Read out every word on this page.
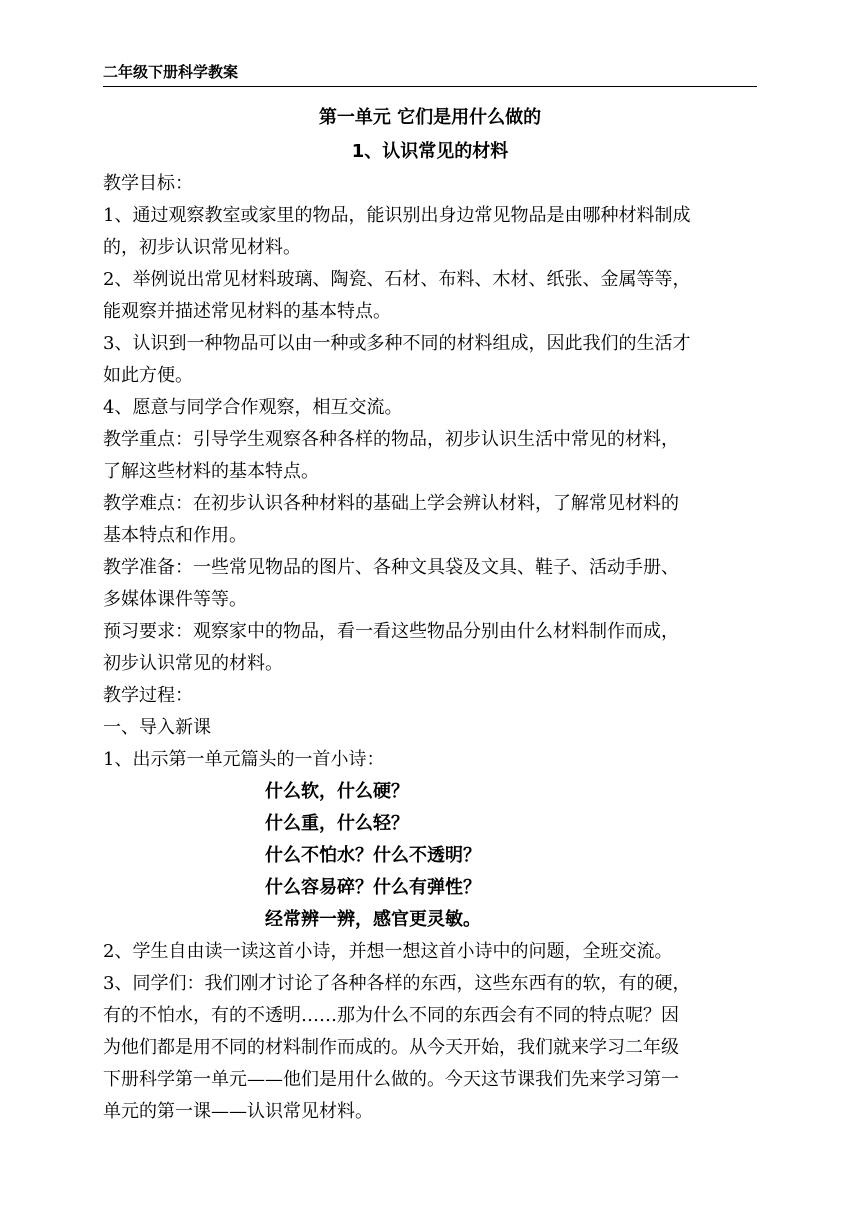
二年级下册科学教案
第一单元 它们是用什么做的
1、认识常见的材料
教学目标：
1、通过观察教室或家里的物品，能识别出身边常见物品是由哪种材料制成
的，初步认识常见材料。
2、举例说出常见材料玻璃、陶瓷、石材、布料、木材、纸张、金属等等，
能观察并描述常见材料的基本特点。
3、认识到一种物品可以由一种或多种不同的材料组成，因此我们的生活才
如此方便。
4、愿意与同学合作观察，相互交流。
教学重点：引导学生观察各种各样的物品，初步认识生活中常见的材料，
了解这些材料的基本特点。
教学难点：在初步认识各种材料的基础上学会辨认材料，了解常见材料的
基本特点和作用。
教学准备：一些常见物品的图片、各种文具袋及文具、鞋子、活动手册、
多媒体课件等等。
预习要求：观察家中的物品，看一看这些物品分别由什么材料制作而成，
初步认识常见的材料。
教学过程：
一、导入新课
1、出示第一单元篇头的一首小诗：
什么软，什么硬？
什么重，什么轻？
什么不怕水？什么不透明？
什么容易碎？什么有弹性？
经常辨一辨，感官更灵敏。
2、学生自由读一读这首小诗，并想一想这首小诗中的问题，全班交流。
3、同学们：我们刚才讨论了各种各样的东西，这些东西有的软，有的硬，
有的不怕水，有的不透明……那为什么不同的东西会有不同的特点呢？因
为他们都是用不同的材料制作而成的。从今天开始，我们就来学习二年级
下册科学第一单元——他们是用什么做的。今天这节课我们先来学习第一
单元的第一课——认识常见材料。
